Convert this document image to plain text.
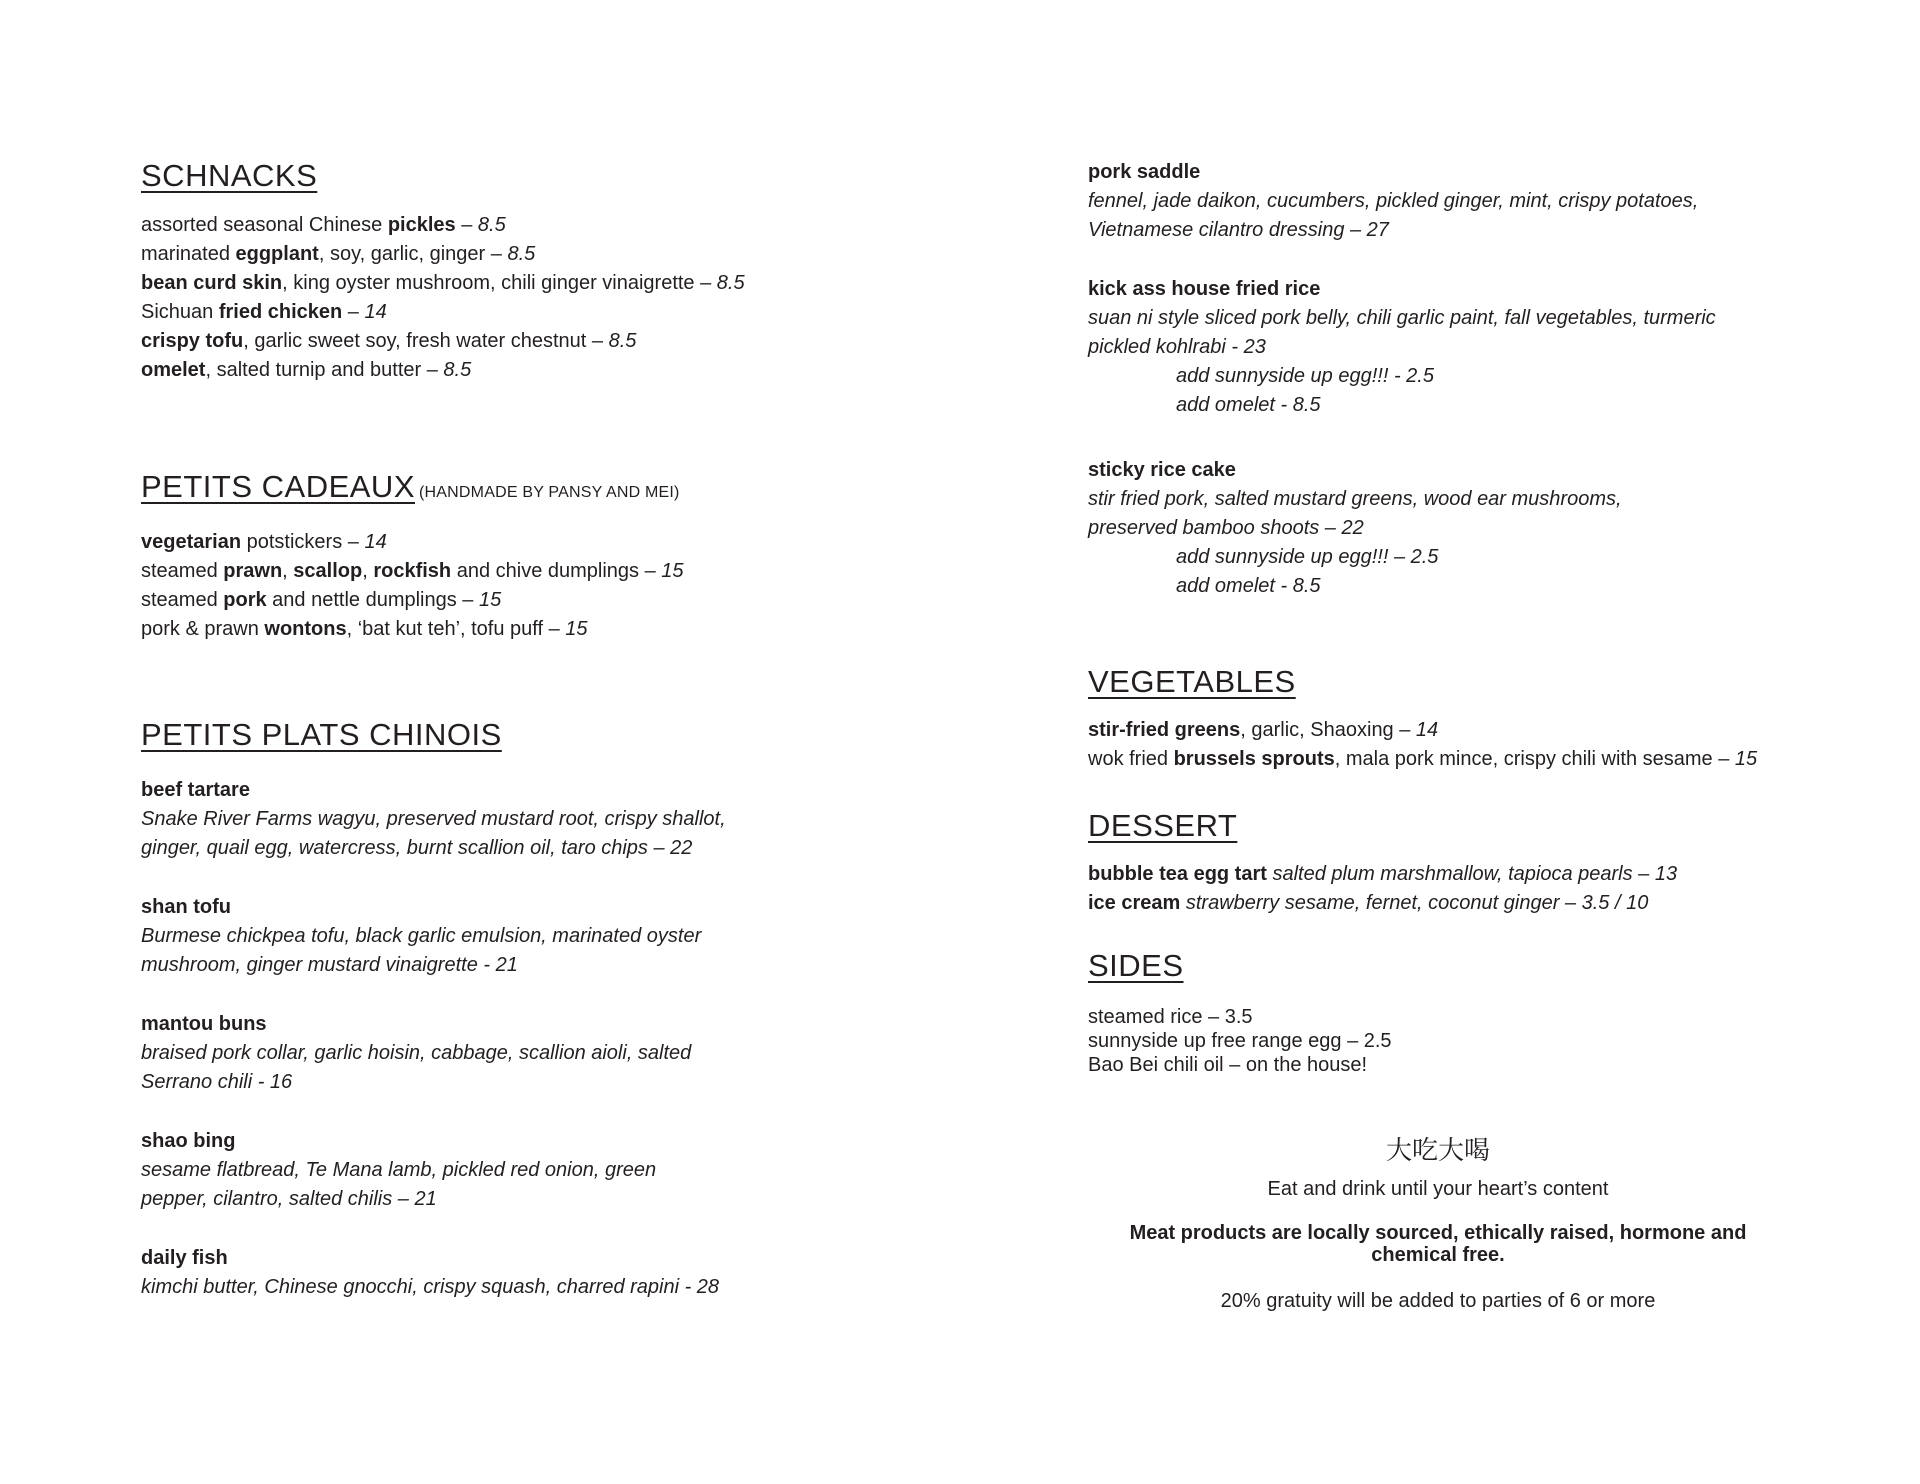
SCHNACKS
assorted seasonal Chinese pickles – 8.5
marinated eggplant, soy, garlic, ginger – 8.5
bean curd skin, king oyster mushroom, chili ginger vinaigrette – 8.5
Sichuan fried chicken – 14
crispy tofu, garlic sweet soy, fresh water chestnut – 8.5
omelet, salted turnip and butter – 8.5
PETITS CADEAUX (HANDMADE BY PANSY AND MEI)
vegetarian potstickers – 14
steamed prawn, scallop, rockfish and chive dumplings – 15
steamed pork and nettle dumplings – 15
pork & prawn wontons, ‘bat kut teh’, tofu puff – 15
PETITS PLATS CHINOIS
beef tartare
Snake River Farms wagyu, preserved mustard root, crispy shallot,
ginger, quail egg, watercress, burnt scallion oil, taro chips – 22
shan tofu
Burmese chickpea tofu, black garlic emulsion, marinated oyster
mushroom, ginger mustard vinaigrette - 21
mantou buns
braised pork collar, garlic hoisin, cabbage, scallion aioli, salted
Serrano chili - 16
shao bing
sesame flatbread, Te Mana lamb, pickled red onion, green
pepper, cilantro, salted chilis – 21
daily fish
kimchi butter, Chinese gnocchi, crispy squash, charred rapini - 28
pork saddle
fennel, jade daikon, cucumbers, pickled ginger, mint, crispy potatoes,
Vietnamese cilantro dressing – 27
kick ass house fried rice
suan ni style sliced pork belly, chili garlic paint, fall vegetables, turmeric
pickled kohlrabi - 23
add sunnyside up egg!!! - 2.5
add omelet - 8.5
sticky rice cake
stir fried pork, salted mustard greens, wood ear mushrooms,
preserved bamboo shoots – 22
add sunnyside up egg!!! – 2.5
add omelet - 8.5
VEGETABLES
stir-fried greens, garlic, Shaoxing – 14
wok fried brussels sprouts, mala pork mince, crispy chili with sesame – 15
DESSERT
bubble tea egg tart salted plum marshmallow, tapioca pearls – 13
ice cream strawberry sesame, fernet, coconut ginger – 3.5 / 10
SIDES
steamed rice – 3.5
sunnyside up free range egg – 2.5
Bao Bei chili oil – on the house!
大吃大喝
Eat and drink until your heart’s content
Meat products are locally sourced, ethically raised, hormone and
chemical free.
20% gratuity will be added to parties of 6 or more
